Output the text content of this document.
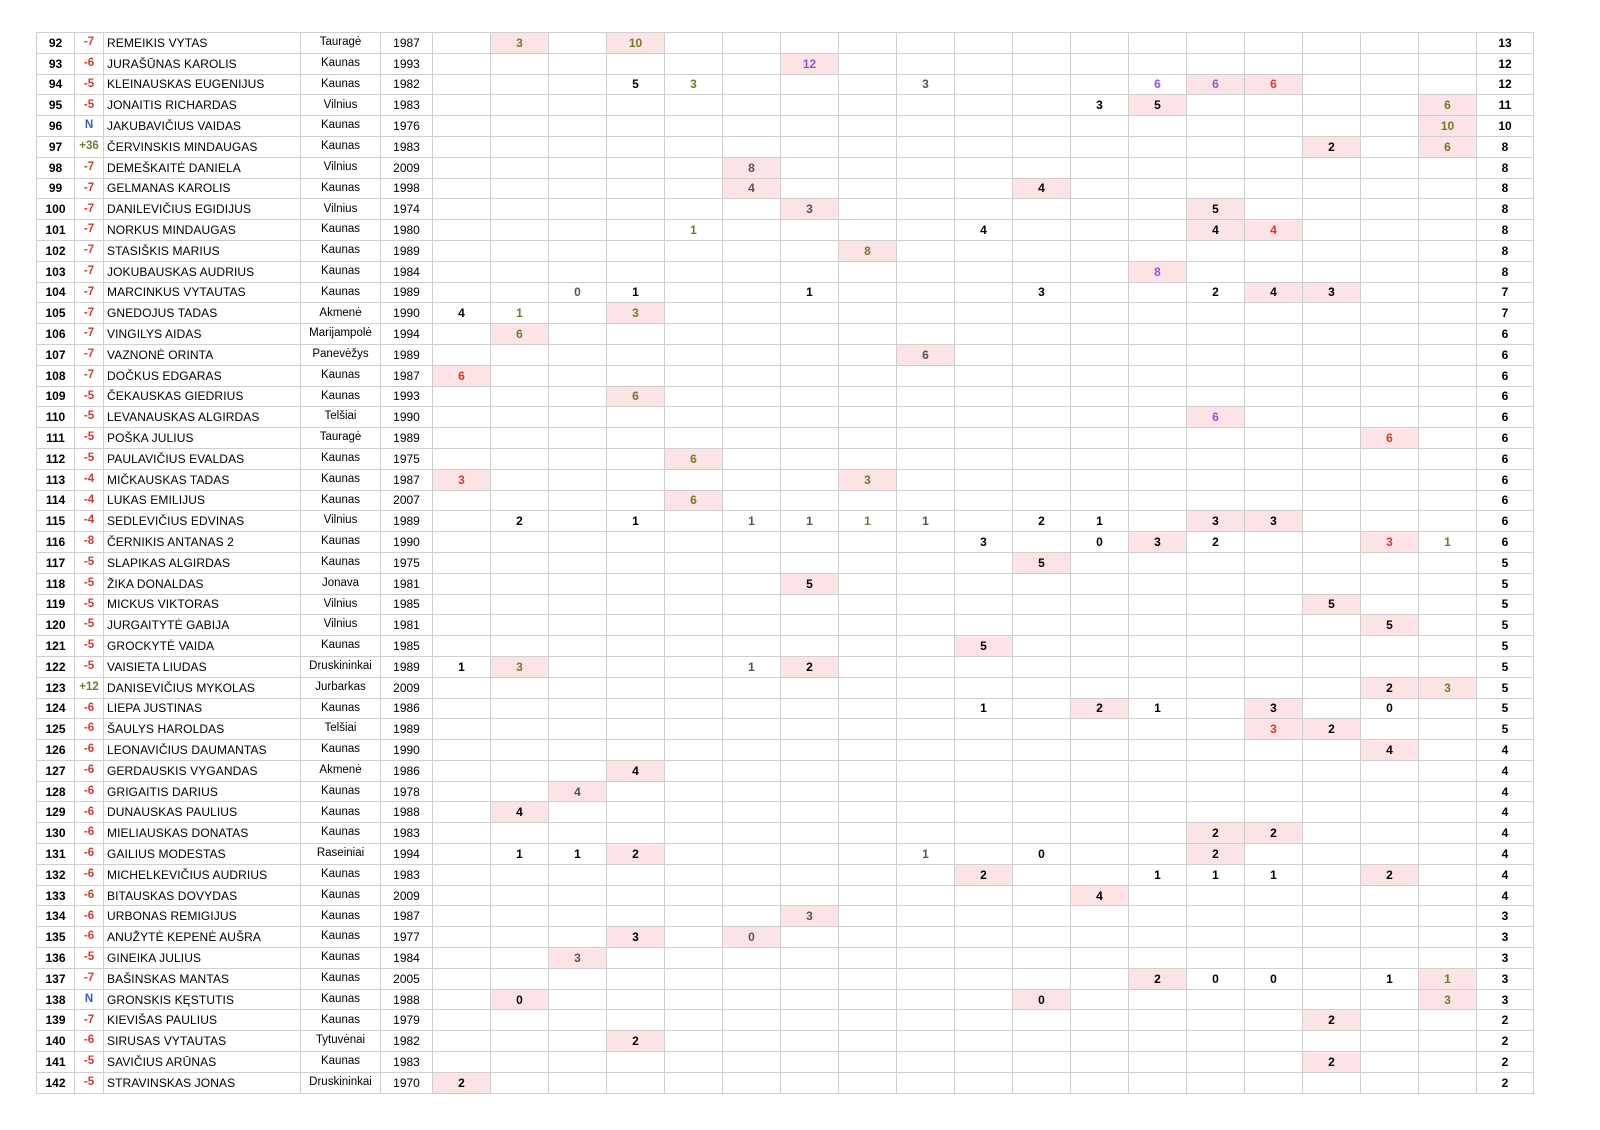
92	-7	REMEIKIS VYTAS	Tauragė	1987		3		10															13
93	-6	JURAŠŪNAS KAROLIS	Kaunas	1993							12												12
94	-5	KLEINAUSKAS EUGENIJUS	Kaunas	1982				5	3				3				6	6	6				12
95	-5	JONAITIS RICHARDAS	Vilnius	1983												3	5					6	11
96	N	JAKUBAVIČIUS VAIDAS	Kaunas	1976																		10	10
97	+36	ČERVINSKIS MINDAUGAS	Kaunas	1983																2		6	8
98	-7	DEMEŠKAITĖ DANIELA	Vilnius	2009						8													8
99	-7	GELMANAS KAROLIS	Kaunas	1998						4					4								8
100	-7	DANILEVIČIUS EGIDIJUS	Vilnius	1974							3							5					8
101	-7	NORKUS MINDAUGAS	Kaunas	1980					1					4				4	4				8
102	-7	STASIŠKIS MARIUS	Kaunas	1989								8											8
103	-7	JOKUBAUSKAS AUDRIUS	Kaunas	1984													8						8
104	-7	MARCINKUS VYTAUTAS	Kaunas	1989			0	1			1				3			2	4	3			7
105	-7	GNEDOJUS TADAS	Akmenė	1990	4	1		3															7
106	-7	VINGILYS AIDAS	Marijampolė	1994		6																	6
107	-7	VAZNONĖ ORINTA	Panevėžys	1989									6										6
108	-7	DOČKUS EDGARAS	Kaunas	1987	6																		6
109	-5	ČEKAUSKAS GIEDRIUS	Kaunas	1993				6															6
110	-5	LEVANAUSKAS ALGIRDAS	Telšiai	1990														6					6
111	-5	POŠKA JULIUS	Tauragė	1989																	6		6
112	-5	PAULAVIČIUS EVALDAS	Kaunas	1975					6														6
113	-4	MIČKAUSKAS TADAS	Kaunas	1987	3							3											6
114	-4	LUKAS EMILIJUS	Kaunas	2007					6														6
115	-4	SEDLEVIČIUS EDVINAS	Vilnius	1989		2		1		1	1	1	1		2	1		3	3				6
116	-8	ČERNIKIS ANTANAS 2	Kaunas	1990										3		0	3	2			3	1	6
117	-5	SLAPIKAS ALGIRDAS	Kaunas	1975											5								5
118	-5	ŽIKA DONALDAS	Jonava	1981							5												5
119	-5	MICKUS VIKTORAS	Vilnius	1985																5			5
120	-5	JURGAITYTĖ GABIJA	Vilnius	1981																	5		5
121	-5	GROCKYTĖ VAIDA	Kaunas	1985										5									5
122	-5	VAISIETA LIUDAS	Druskininkai	1989	1	3				1	2												5
123	+12	DANISEVIČIUS MYKOLAS	Jurbarkas	2009																	2	3	5
124	-6	LIEPA JUSTINAS	Kaunas	1986										1		2	1		3		0		5
125	-6	ŠAULYS HAROLDAS	Telšiai	1989															3	2			5
126	-6	LEONAVIČIUS DAUMANTAS	Kaunas	1990																	4		4
127	-6	GERDAUSKIS VYGANDAS	Akmenė	1986				4															4
128	-6	GRIGAITIS DARIUS	Kaunas	1978			4																4
129	-6	DUNAUSKAS PAULIUS	Kaunas	1988		4																	4
130	-6	MIELIAUSKAS DONATAS	Kaunas	1983														2	2				4
131	-6	GAILIUS MODESTAS	Raseiniai	1994		1	1	2					1		0			2					4
132	-6	MICHELKEVIČIUS AUDRIUS	Kaunas	1983										2			1	1	1		2		4
133	-6	BITAUSKAS DOVYDAS	Kaunas	2009												4							4
134	-6	URBONAS REMIGIJUS	Kaunas	1987							3												3
135	-6	ANUŽYTĖ KEPENĖ AUŠRA	Kaunas	1977				3		0													3
136	-5	GINEIKA JULIUS	Kaunas	1984			3																3
137	-7	BAŠINSKAS MANTAS	Kaunas	2005													2	0	0		1	1	3
138	N	GRONSKIS KĘSTUTIS	Kaunas	1988		0									0							3	3
139	-7	KIEVIŠAS PAULIUS	Kaunas	1979																2			2
140	-6	SIRUSAS VYTAUTAS	Tytuvėnai	1982				2															2
141	-5	SAVIČIUS ARŪNAS	Kaunas	1983																2			2
142	-5	STRAVINSKAS JONAS	Druskininkai	1970	2																		2
